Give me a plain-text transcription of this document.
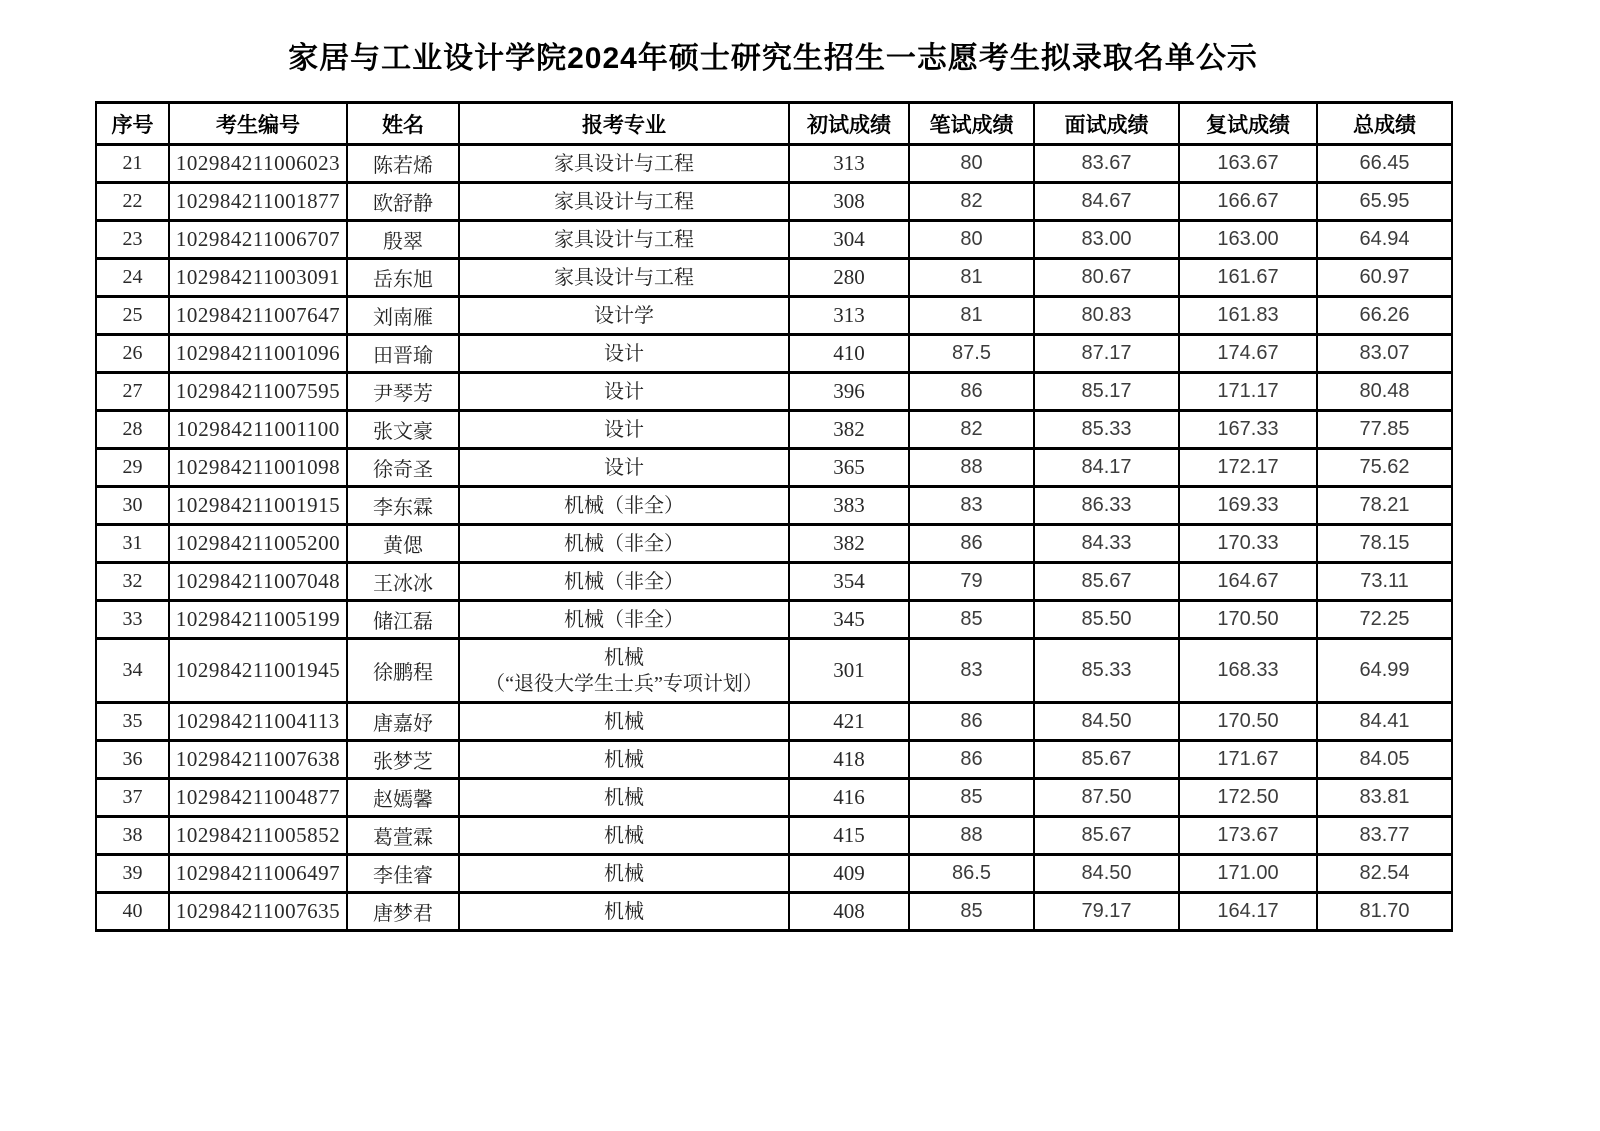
家居与工业设计学院2024年硕士研究生招生一志愿考生拟录取名单公示
序号	考生编号	姓名	报考专业	初试成绩	笔试成绩	面试成绩	复试成绩	总成绩
21	102984211006023	陈若烯	家具设计与工程	313	80	83.67	163.67	66.45
22	102984211001877	欧舒静	家具设计与工程	308	82	84.67	166.67	65.95
23	102984211006707	殷翠	家具设计与工程	304	80	83.00	163.00	64.94
24	102984211003091	岳东旭	家具设计与工程	280	81	80.67	161.67	60.97
25	102984211007647	刘南雁	设计学	313	81	80.83	161.83	66.26
26	102984211001096	田晋瑜	设计	410	87.5	87.17	174.67	83.07
27	102984211007595	尹琴芳	设计	396	86	85.17	171.17	80.48
28	102984211001100	张文豪	设计	382	82	85.33	167.33	77.85
29	102984211001098	徐奇圣	设计	365	88	84.17	172.17	75.62
30	102984211001915	李东霖	机械（非全）	383	83	86.33	169.33	78.21
31	102984211005200	黄偲	机械（非全）	382	86	84.33	170.33	78.15
32	102984211007048	王冰冰	机械（非全）	354	79	85.67	164.67	73.11
33	102984211005199	储江磊	机械（非全）	345	85	85.50	170.50	72.25
34	102984211001945	徐鹏程	机械
（“退役大学生士兵”专项计划）	301	83	85.33	168.33	64.99
35	102984211004113	唐嘉妤	机械	421	86	84.50	170.50	84.41
36	102984211007638	张梦芝	机械	418	86	85.67	171.67	84.05
37	102984211004877	赵嫣馨	机械	416	85	87.50	172.50	83.81
38	102984211005852	葛萱霖	机械	415	88	85.67	173.67	83.77
39	102984211006497	李佳睿	机械	409	86.5	84.50	171.00	82.54
40	102984211007635	唐梦君	机械	408	85	79.17	164.17	81.70
